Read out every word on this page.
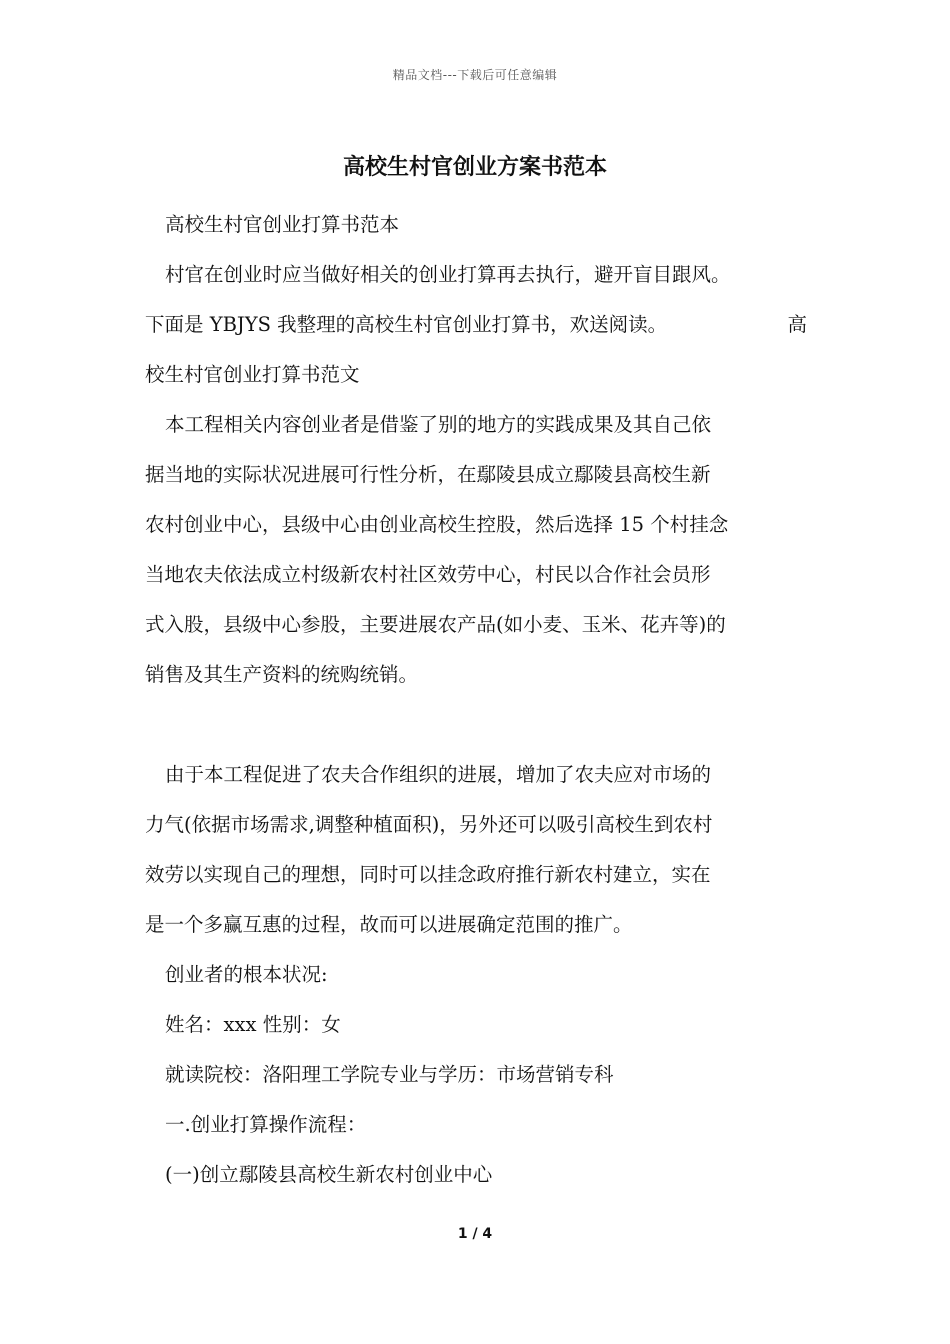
精品文档---下载后可任意编辑
高校生村官创业方案书范本
高校生村官创业打算书范本
村官在创业时应当做好相关的创业打算再去执行，避开盲目跟风。
下面是 YBJYS 我整理的高校生村官创业打算书，欢送阅读。	高
校生村官创业打算书范文
本工程相关内容创业者是借鉴了别的地方的实践成果及其自己依
据当地的实际状况进展可行性分析，在鄢陵县成立鄢陵县高校生新
农村创业中心，县级中心由创业高校生控股，然后选择 15 个村挂念
当地农夫依法成立村级新农村社区效劳中心，村民以合作社会员形
式入股，县级中心参股，主要进展农产品(如小麦、玉米、花卉等)的
销售及其生产资料的统购统销。
由于本工程促进了农夫合作组织的进展，增加了农夫应对市场的
力气(依据市场需求,调整种植面积)，另外还可以吸引高校生到农村
效劳以实现自己的理想，同时可以挂念政府推行新农村建立，实在
是一个多赢互惠的过程，故而可以进展确定范围的推广。
创业者的根本状况:
姓名：xxx 性别：女
就读院校：洛阳理工学院专业与学历：市场营销专科
一.创业打算操作流程：
(一)创立鄢陵县高校生新农村创业中心
1 / 4
